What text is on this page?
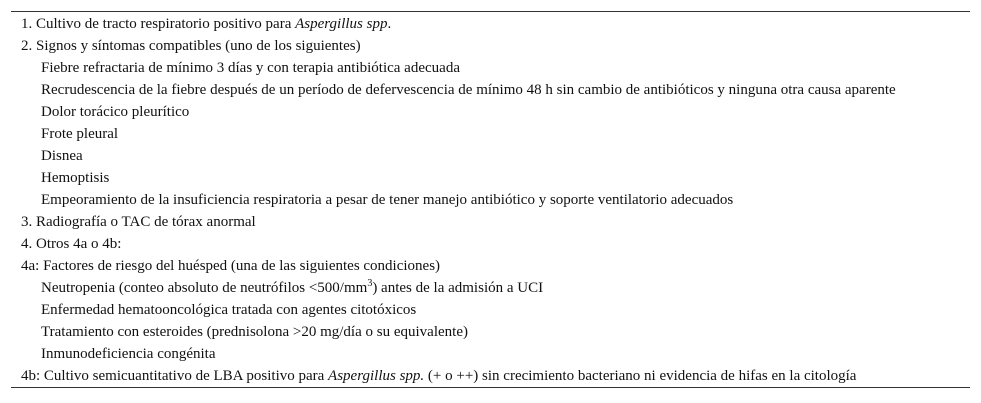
1. Cultivo de tracto respiratorio positivo para Aspergillus spp.
2. Signos y síntomas compatibles (uno de los siguientes)
Fiebre refractaria de mínimo 3 días y con terapia antibiótica adecuada
Recrudescencia de la fiebre después de un período de defervescencia de mínimo 48 h sin cambio de antibióticos y ninguna otra causa aparente
Dolor torácico pleurítico
Frote pleural
Disnea
Hemoptisis
Empeoramiento de la insuficiencia respiratoria a pesar de tener manejo antibiótico y soporte ventilatorio adecuados
3. Radiografía o TAC de tórax anormal
4. Otros 4a o 4b:
4a: Factores de riesgo del huésped (una de las siguientes condiciones)
Neutropenia (conteo absoluto de neutrófilos $<500/mm^3$) antes de la admisión a UCI
Enfermedad hematooncológica tratada con agentes citotóxicos
Tratamiento con esteroides (prednisolona >20 mg/día o su equivalente)
Inmunodeficiencia congénita
4b: Cultivo semicuantitativo de LBA positivo para Aspergillus spp. (+ o ++) sin crecimiento bacteriano ni evidencia de hifas en la citología
